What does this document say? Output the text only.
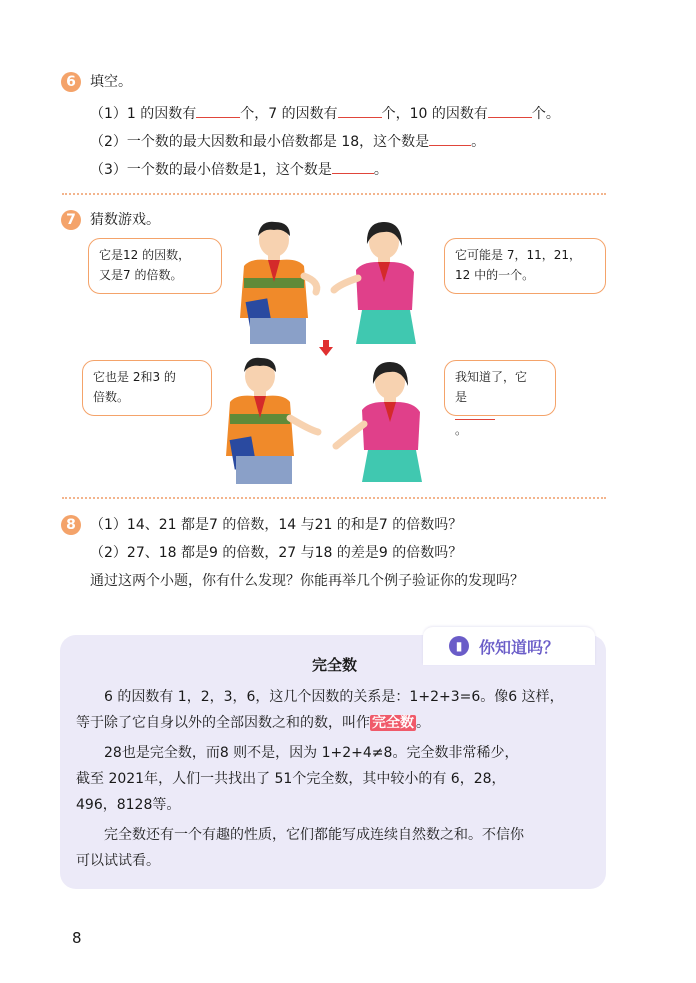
6	填空。
（1）1 的因数有	个，7 的因数有	个，10 的因数有	个。
（2）一个数的最大因数和最小倍数都是 18，这个数是	。
（3）一个数的最小倍数是1，这个数是	。
7	猜数游戏。
它是12 的因数，
又是7 的倍数。
它可能是 7，11，21，
12 中的一个。
它也是 2和3 的
倍数。
我知道了，它
是
。
8	（1）14、21 都是7 的倍数，14 与21 的和是7 的倍数吗？
（2）27、18 都是9 的倍数，27 与18 的差是9 的倍数吗？
通过这两个小题，你有什么发现？你能再举几个例子验证你的发现吗？
▮	你知道吗？
完全数
6 的因数有 1，2，3，6，这几个因数的关系是：1+2+3=6。像6 这样，
等于除了它自身以外的全部因数之和的数，叫作 完全数 。
28也是完全数，而8 则不是，因为 1+2+4≠8。完全数非常稀少，
截至 2021年，人们一共找出了 51个完全数，其中较小的有 6，28，
496，8128等。
完全数还有一个有趣的性质，它们都能写成连续自然数之和。不信你
可以试试看。
8
